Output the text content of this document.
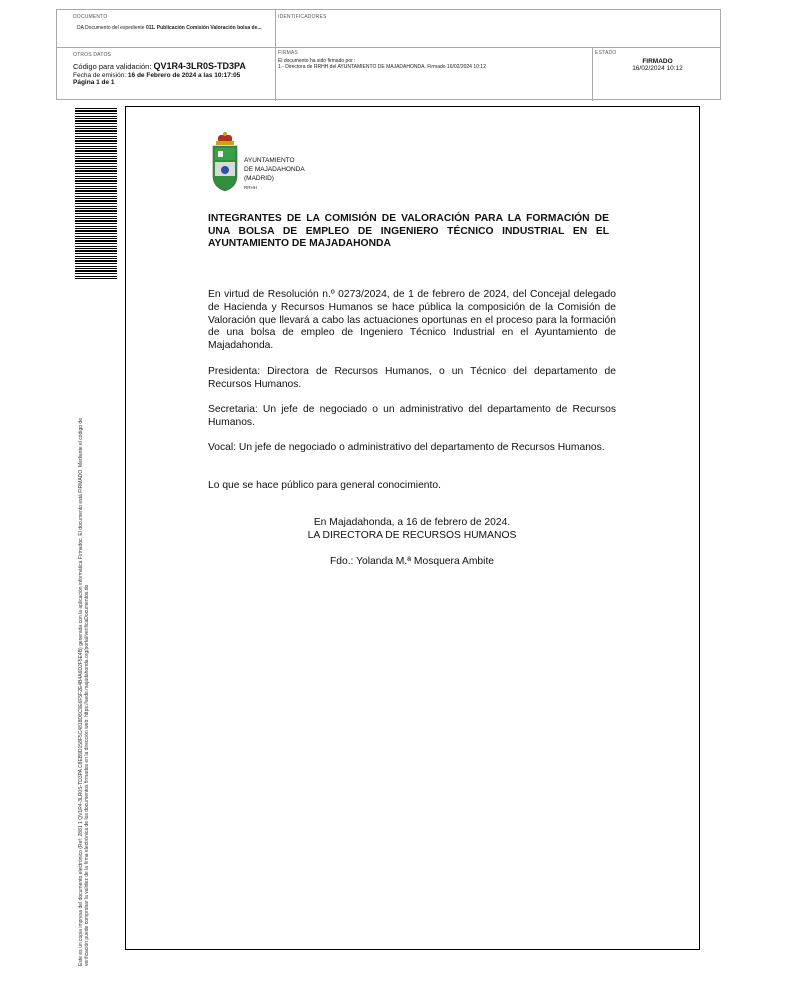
DOCUMENTO
DA Documento del expediente 011. Publicación Comisión Valoración bolsa de...
IDENTIFICADORES
OTROS DATOS
Código para validación: QV1R4-3LR0S-TD3PA
Fecha de emisión: 16 de Febrero de 2024 a las 10:17:05
Página 1 de 1
FIRMAS
El documento ha sido firmado por :
1.- Directora de RRHH del AYUNTAMIENTO DE MAJADAHONDA. Firmado 16/02/2024 10:12
ESTADO
FIRMADO
16/02/2024 10:12
Este es un copia impresa del documento electrónico (Ref: 2881 1 QV1R4-3LR0S-TD3PA C8EB9D158F5C4818D8C9E6F5F2E4B4A6D2F5E4B) generada con la aplicación informática Firmadoc. El documento está FIRMADO. Mediante el código de verificación puede comprobar la validez de la firma electrónica de los documentos firmados en la dirección web: https://sede.majadahonda.org/portal/verificaDocumentos.do
AYUNTAMIENTO
DE MAJADAHONDA
(MADRID)
RRHH
INTEGRANTES DE LA COMISIÓN DE VALORACIÓN PARA LA FORMACIÓN DE UNA BOLSA DE EMPLEO DE INGENIERO TÉCNICO INDUSTRIAL EN EL AYUNTAMIENTO DE MAJADAHONDA
En virtud de Resolución n.º 0273/2024, de 1 de febrero de 2024, del Concejal delegado de Hacienda y Recursos Humanos se hace pública la composición de la Comisión de Valoración que llevará a cabo las actuaciones oportunas en el proceso para la formación de una bolsa de empleo de Ingeniero Técnico Industrial en el Ayuntamiento de Majadahonda.
Presidenta: Directora de Recursos Humanos, o un Técnico del departamento de Recursos Humanos.
Secretaria: Un jefe de negociado o un administrativo del departamento de Recursos Humanos.
Vocal: Un jefe de negociado o administrativo del departamento de Recursos Humanos.
Lo que se hace público para general conocimiento.
En Majadahonda, a 16 de febrero de 2024.
LA DIRECTORA DE RECURSOS HUMANOS
Fdo.: Yolanda M.ª Mosquera Ambite
